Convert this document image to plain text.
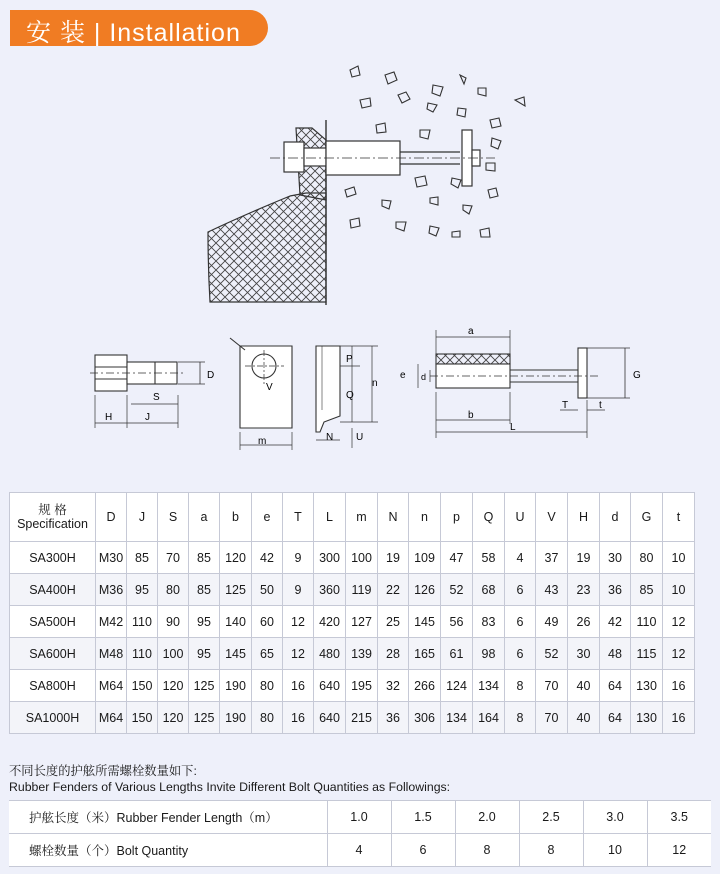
安 装 | Installation
D
S
H	J
V
m
P
Q
n
N U
a
e d
b
L
G
T	t
规 格
Specification	D	J	S	a	b	e	T	L	m	N	n	p	Q	U	V	H	d	G	t
SA300H	M30	85	70	85	120	42	9	300	100	19	109	47	58	4	37	19	30	80	10
SA400H	M36	95	80	85	125	50	9	360	119	22	126	52	68	6	43	23	36	85	10
SA500H	M42	110	90	95	140	60	12	420	127	25	145	56	83	6	49	26	42	110	12
SA600H	M48	110	100	95	145	65	12	480	139	28	165	61	98	6	52	30	48	115	12
SA800H	M64	150	120	125	190	80	16	640	195	32	266	124	134	8	70	40	64	130	16
SA1000H	M64	150	120	125	190	80	16	640	215	36	306	134	164	8	70	40	64	130	16
不同长度的护舷所需螺栓数量如下:
Rubber Fenders of Various Lengths Invite Different Bolt Quantities as Followings:
护舷长度（米）Rubber Fender Length（m）	1.0	1.5	2.0	2.5	3.0	3.5
螺栓数量（个）Bolt Quantity	4	6	8	8	10	12
